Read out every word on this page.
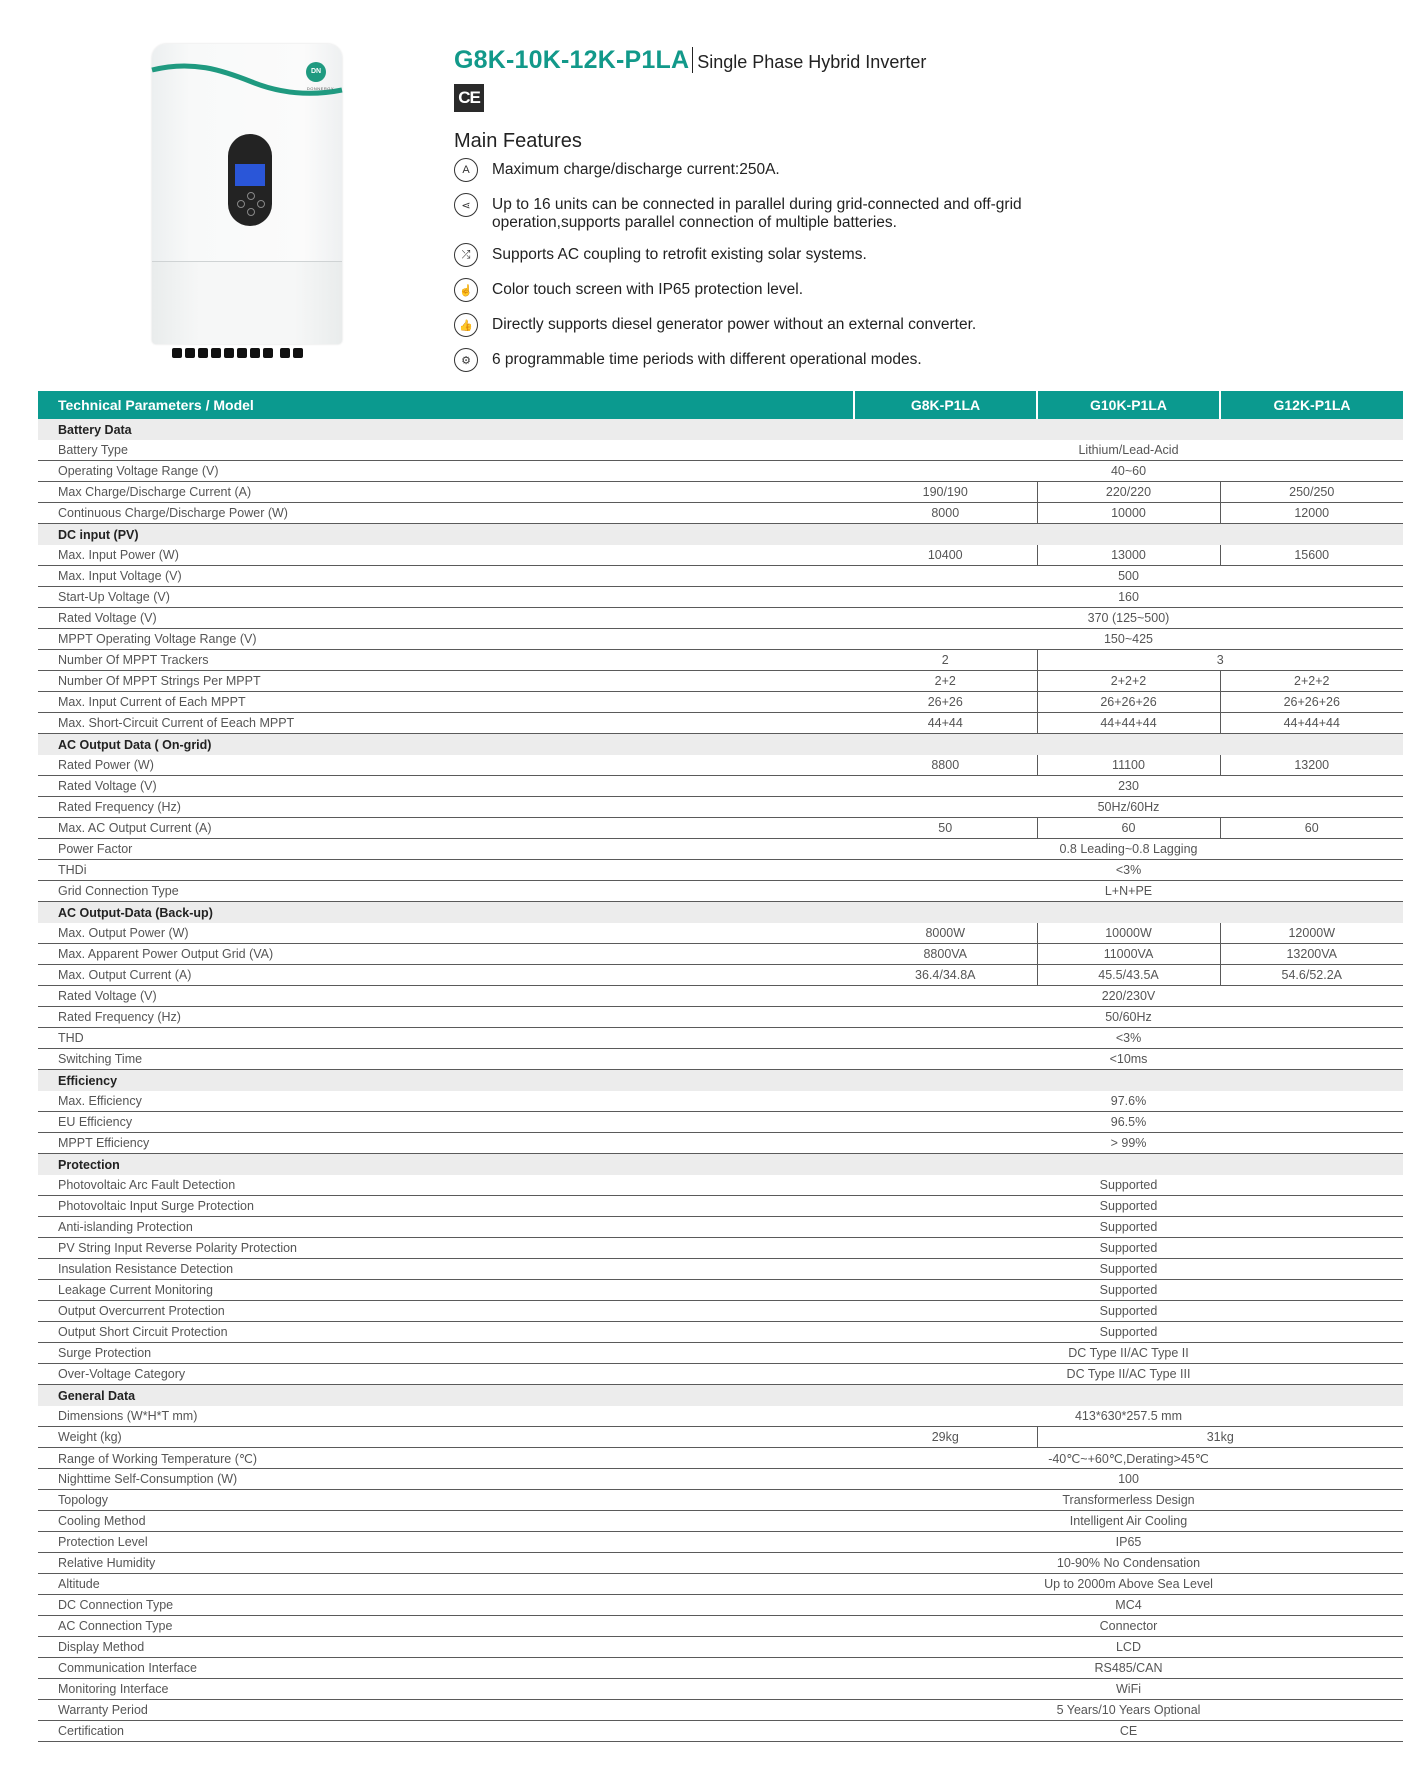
DN
DONNERGY
G8K-10K-12K-P1LA Single Phase Hybrid Inverter
CE
Main Features
A	Maximum charge/discharge current:250A.
⋖	Up to 16 units can be connected in parallel during grid-connected and off-grid operation,supports parallel connection of multiple batteries.
⤮	Supports AC coupling to retrofit existing solar systems.
☝	Color touch screen with IP65 protection level.
👍	Directly supports diesel generator power without an external converter.
⚙	6 programmable time periods with different operational modes.
Technical Parameters / Model	G8K-P1LA	G10K-P1LA	G12K-P1LA
Battery Data			
Battery Type	Lithium/Lead-Acid		
Operating Voltage Range (V)	40~60		
Max Charge/Discharge Current (A)	190/190	220/220	250/250
Continuous Charge/Discharge Power (W)	8000	10000	12000
DC input (PV)			
Max. Input Power (W)	10400	13000	15600
Max. Input Voltage (V)	500		
Start-Up Voltage (V)	160		
Rated Voltage (V)	370 (125~500)		
MPPT Operating Voltage Range (V)	150~425		
Number Of MPPT Trackers	2	3	
Number Of MPPT Strings Per MPPT	2+2	2+2+2	2+2+2
Max. Input Current of Each MPPT	26+26	26+26+26	26+26+26
Max. Short-Circuit Current of Eeach MPPT	44+44	44+44+44	44+44+44
AC Output Data ( On-grid)			
Rated Power (W)	8800	11100	13200
Rated Voltage (V)	230		
Rated Frequency (Hz)	50Hz/60Hz		
Max. AC Output Current (A)	50	60	60
Power Factor	0.8 Leading~0.8 Lagging		
THDi	<3%		
Grid Connection Type	L+N+PE		
AC Output-Data (Back-up)			
Max. Output Power (W)	8000W	10000W	12000W
Max. Apparent Power Output Grid (VA)	8800VA	11000VA	13200VA
Max. Output Current (A)	36.4/34.8A	45.5/43.5A	54.6/52.2A
Rated Voltage (V)	220/230V		
Rated Frequency (Hz)	50/60Hz		
THD	<3%		
Switching Time	<10ms		
Efficiency			
Max. Efficiency	97.6%		
EU Efficiency	96.5%		
MPPT Efficiency	> 99%		
Protection			
Photovoltaic Arc Fault Detection	Supported		
Photovoltaic Input Surge Protection	Supported		
Anti-islanding Protection	Supported		
PV String Input Reverse Polarity Protection	Supported		
Insulation Resistance Detection	Supported		
Leakage Current Monitoring	Supported		
Output Overcurrent Protection	Supported		
Output Short Circuit Protection	Supported		
Surge Protection	DC Type II/AC Type II		
Over-Voltage Category	DC Type II/AC Type III		
General Data			
Dimensions (W*H*T mm)	413*630*257.5 mm		
Weight (kg)	29kg	31kg	
Range of Working Temperature (℃)	-40℃~+60℃,Derating>45℃		
Nighttime Self-Consumption (W)	100		
Topology	Transformerless Design		
Cooling Method	Intelligent Air Cooling		
Protection Level	IP65		
Relative Humidity	10-90% No Condensation		
Altitude	Up to 2000m Above Sea Level		
DC Connection Type	MC4		
AC Connection Type	Connector		
Display Method	LCD		
Communication Interface	RS485/CAN		
Monitoring Interface	WiFi		
Warranty Period	5 Years/10 Years Optional		
Certification	CE		
